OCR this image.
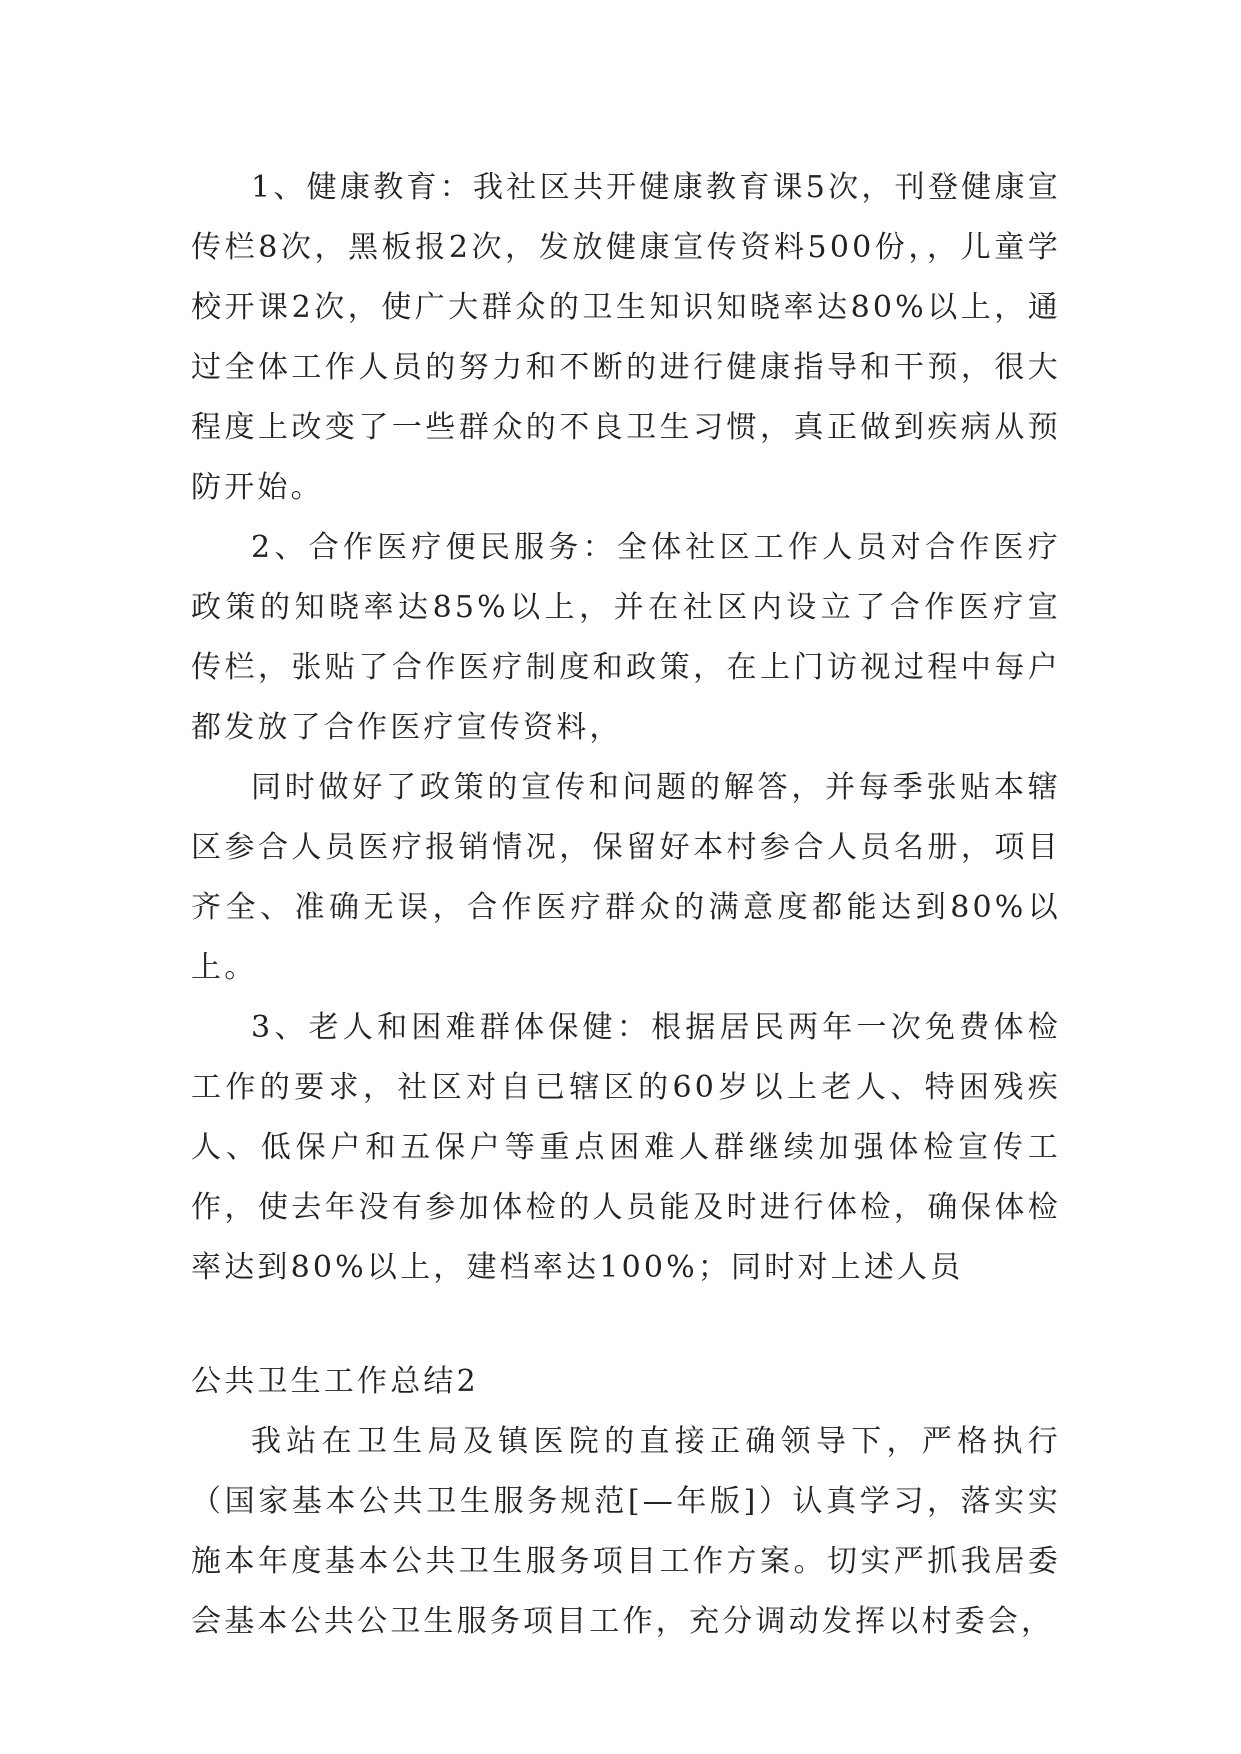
1、健康教育：我社区共开健康教育课5次，刊登健康宣传栏8次，黑板报2次，发放健康宣传资料500份，，儿童学校开课2次，使广大群众的卫生知识知晓率达80%以上，通过全体工作人员的努力和不断的进行健康指导和干预，很大程度上改变了一些群众的不良卫生习惯，真正做到疾病从预防开始。

2、合作医疗便民服务：全体社区工作人员对合作医疗政策的知晓率达85%以上，并在社区内设立了合作医疗宣传栏，张贴了合作医疗制度和政策，在上门访视过程中每户都发放了合作医疗宣传资料，

同时做好了政策的宣传和问题的解答，并每季张贴本辖区参合人员医疗报销情况，保留好本村参合人员名册，项目齐全、准确无误，合作医疗群众的满意度都能达到80%以上。

3、老人和困难群体保健：根据居民两年一次免费体检工作的要求，社区对自已辖区的60岁以上老人、特困残疾人、低保户和五保户等重点困难人群继续加强体检宣传工作，使去年没有参加体检的人员能及时进行体检，确保体检率达到80%以上，建档率达100%；同时对上述人员

公共卫生工作总结2

我站在卫生局及镇医院的直接正确领导下，严格执行（国家基本公共卫生服务规范[—年版]）认真学习，落实实施本年度基本公共卫生服务项目工作方案。切实严抓我居委会基本公共公卫生服务项目工作，充分调动发挥以村委会，
